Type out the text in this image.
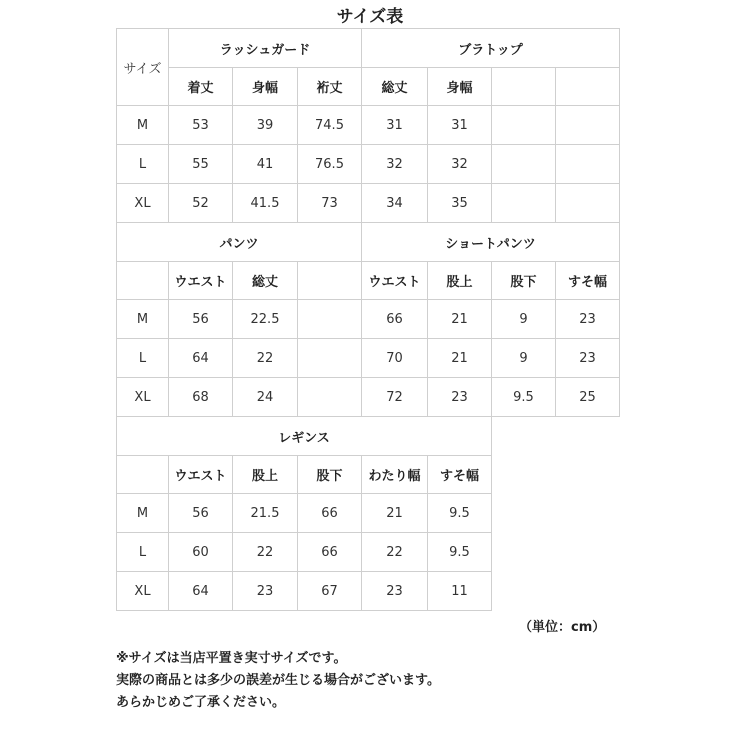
サイズ表
サイズ	ラッシュガード			ブラトップ			
	着丈	身幅	裄丈	総丈	身幅		
M	53	39	74.5	31	31		
L	55	41	76.5	32	32		
XL	52	41.5	73	34	35		
パンツ				ショートパンツ			
	ウエスト	総丈		ウエスト	股上	股下	すそ幅
M	56	22.5		66	21	9	23
L	64	22		70	21	9	23
XL	68	24		72	23	9.5	25
レギンス					
	ウエスト	股上	股下	わたり幅	すそ幅
M	56	21.5	66	21	9.5
L	60	22	66	22	9.5
XL	64	23	67	23	11
（単位：cm）
※サイズは当店平置き実寸サイズです。
実際の商品とは多少の誤差が生じる場合がございます。
あらかじめご了承ください。
